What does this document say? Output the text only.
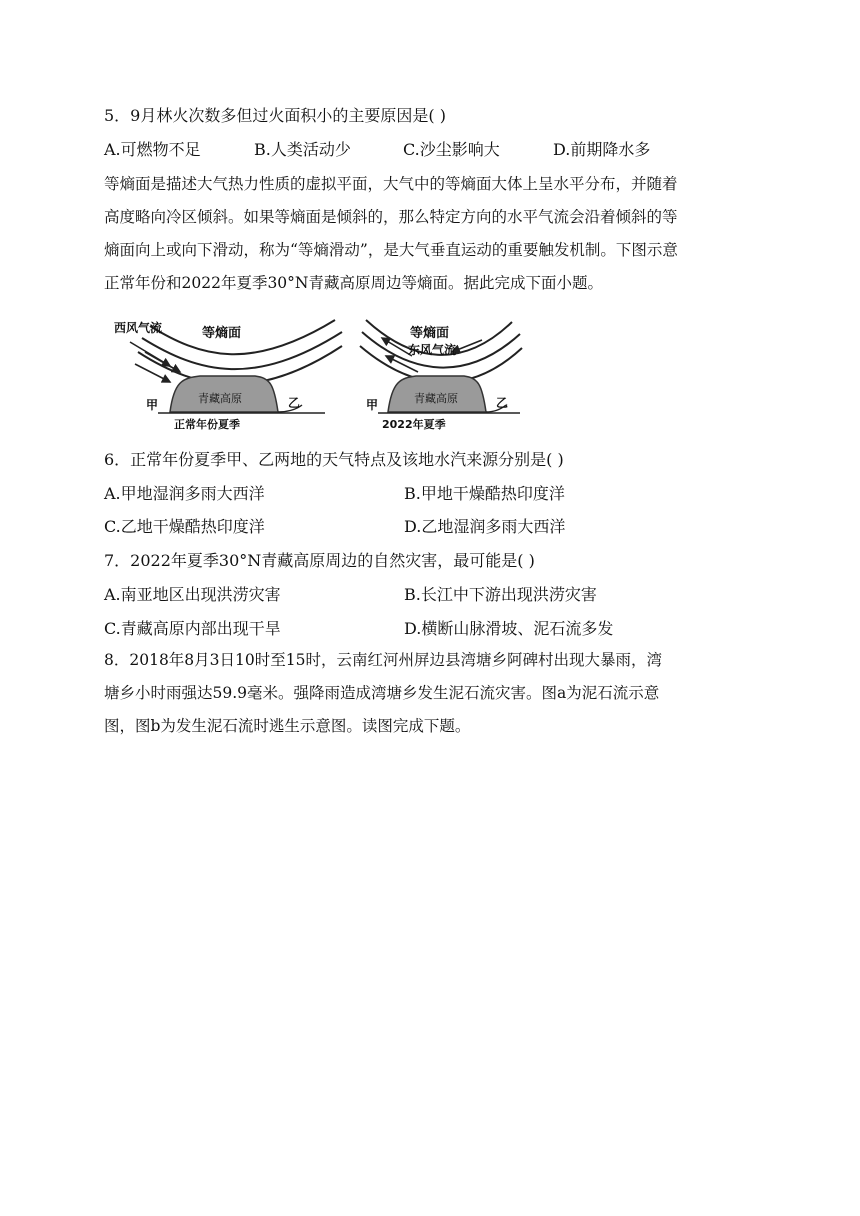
5．9月林火次数多但过火面积小的主要原因是( )
A.可燃物不足	B.人类活动少	C.沙尘影响大	D.前期降水多
等熵面是描述大气热力性质的虚拟平面，大气中的等熵面大体上呈水平分布，并随着
高度略向冷区倾斜。如果等熵面是倾斜的，那么特定方向的水平气流会沿着倾斜的等
熵面向上或向下滑动，称为“等熵滑动”，是大气垂直运动的重要触发机制。下图示意
正常年份和2022年夏季30°N青藏高原周边等熵面。据此完成下面小题。
西风气流	等熵面
青藏高原
甲	乙
正常年份夏季
等熵面
东风气流
青藏高原
甲	乙
2022年夏季
6．正常年份夏季甲、乙两地的天气特点及该地水汽来源分别是( )
A.甲地湿润多雨大西洋	B.甲地干燥酷热印度洋
C.乙地干燥酷热印度洋	D.乙地湿润多雨大西洋
7．2022年夏季30°N青藏高原周边的自然灾害，最可能是( )
A.南亚地区出现洪涝灾害	B.长江中下游出现洪涝灾害
C.青藏高原内部出现干旱	D.横断山脉滑坡、泥石流多发
8．2018年8月3日10时至15时，云南红河州屏边县湾塘乡阿碑村出现大暴雨，湾
塘乡小时雨强达59.9毫米。强降雨造成湾塘乡发生泥石流灾害。图a为泥石流示意
图，图b为发生泥石流时逃生示意图。读图完成下题。
